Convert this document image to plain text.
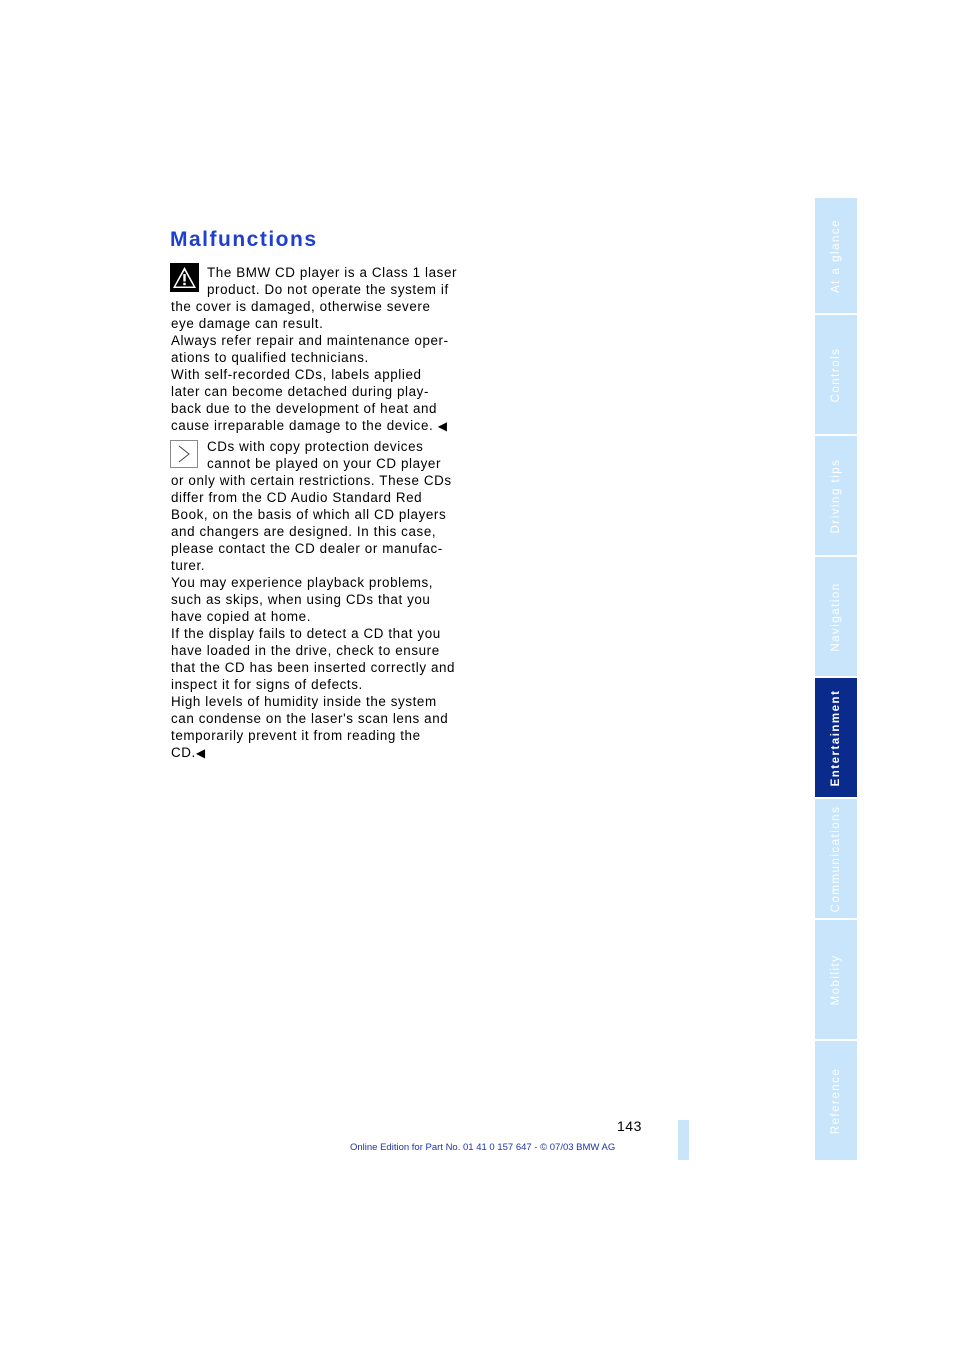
Malfunctions
The BMW CD player is a Class 1 laser
product. Do not operate the system if
the cover is damaged, otherwise severe
eye damage can result.
Always refer repair and maintenance oper-
ations to qualified technicians.
With self-recorded CDs, labels applied
later can become detached during play-
back due to the development of heat and
cause irreparable damage to the device. ◀
CDs with copy protection devices
cannot be played on your CD player
or only with certain restrictions. These CDs
differ from the CD Audio Standard Red
Book, on the basis of which all CD players
and changers are designed. In this case,
please contact the CD dealer or manufac-
turer.
You may experience playback problems,
such as skips, when using CDs that you
have copied at home.
If the display fails to detect a CD that you
have loaded in the drive, check to ensure
that the CD has been inserted correctly and
inspect it for signs of defects.
High levels of humidity inside the system
can condense on the laser's scan lens and
temporarily prevent it from reading the
CD.◀
At a glance
Controls
Driving tips
Navigation
Entertainment
Communications
Mobility
Reference
143
Online Edition for Part No. 01 41 0 157 647 - © 07/03 BMW AG
